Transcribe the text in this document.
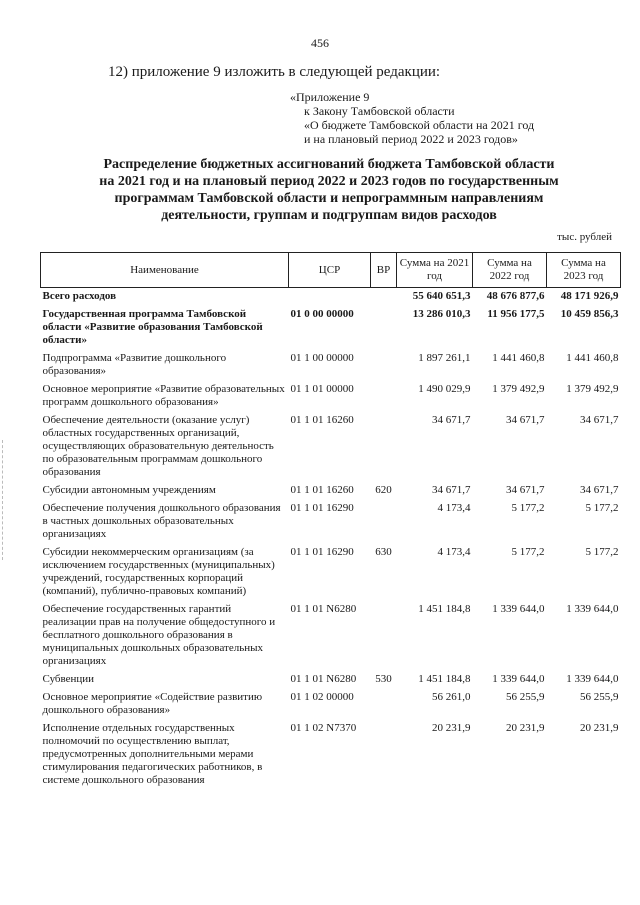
456
12) приложение 9 изложить в следующей редакции:
«Приложение 9
к Закону Тамбовской области
«О бюджете Тамбовской области на 2021 год
и на плановый период 2022 и 2023 годов»
Распределение бюджетных ассигнований бюджета Тамбовской области
на 2021 год и на плановый период 2022 и 2023 годов по государственным
программам Тамбовской области и непрограммным направлениям
деятельности, группам и подгруппам видов расходов
тыс. рублей
Наименование	ЦСР	ВР	Сумма на 2021 год	Сумма на 2022 год	Сумма на 2023 год
Всего расходов			55 640 651,3	48 676 877,6	48 171 926,9
Государственная программа Тамбовской области «Развитие образования Тамбовской области»	01 0 00 00000		13 286 010,3	11 956 177,5	10 459 856,3
Подпрограмма «Развитие дошкольного образования»	01 1 00 00000		1 897 261,1	1 441 460,8	1 441 460,8
Основное мероприятие «Развитие образовательных программ дошкольного образования»	01 1 01 00000		1 490 029,9	1 379 492,9	1 379 492,9
Обеспечение деятельности (оказание услуг) областных государственных организаций, осуществляющих образовательную деятельность по образовательным программам дошкольного образования	01 1 01 16260		34 671,7	34 671,7	34 671,7
Субсидии автономным учреждениям	01 1 01 16260	620	34 671,7	34 671,7	34 671,7
Обеспечение получения дошкольного образования в частных дошкольных образовательных организациях	01 1 01 16290		4 173,4	5 177,2	5 177,2
Субсидии некоммерческим организациям (за исключением государственных (муниципальных) учреждений, государственных корпораций (компаний), публично-правовых компаний)	01 1 01 16290	630	4 173,4	5 177,2	5 177,2
Обеспечение государственных гарантий реализации прав на получение общедоступного и бесплатного дошкольного образования в муниципальных дошкольных образовательных организациях	01 1 01 N6280		1 451 184,8	1 339 644,0	1 339 644,0
Субвенции	01 1 01 N6280	530	1 451 184,8	1 339 644,0	1 339 644,0
Основное мероприятие «Содействие развитию дошкольного образования»	01 1 02 00000		56 261,0	56 255,9	56 255,9
Исполнение отдельных государственных полномочий по осуществлению выплат, предусмотренных дополнительными мерами стимулирования педагогических работников, в системе дошкольного образования	01 1 02 N7370		20 231,9	20 231,9	20 231,9
